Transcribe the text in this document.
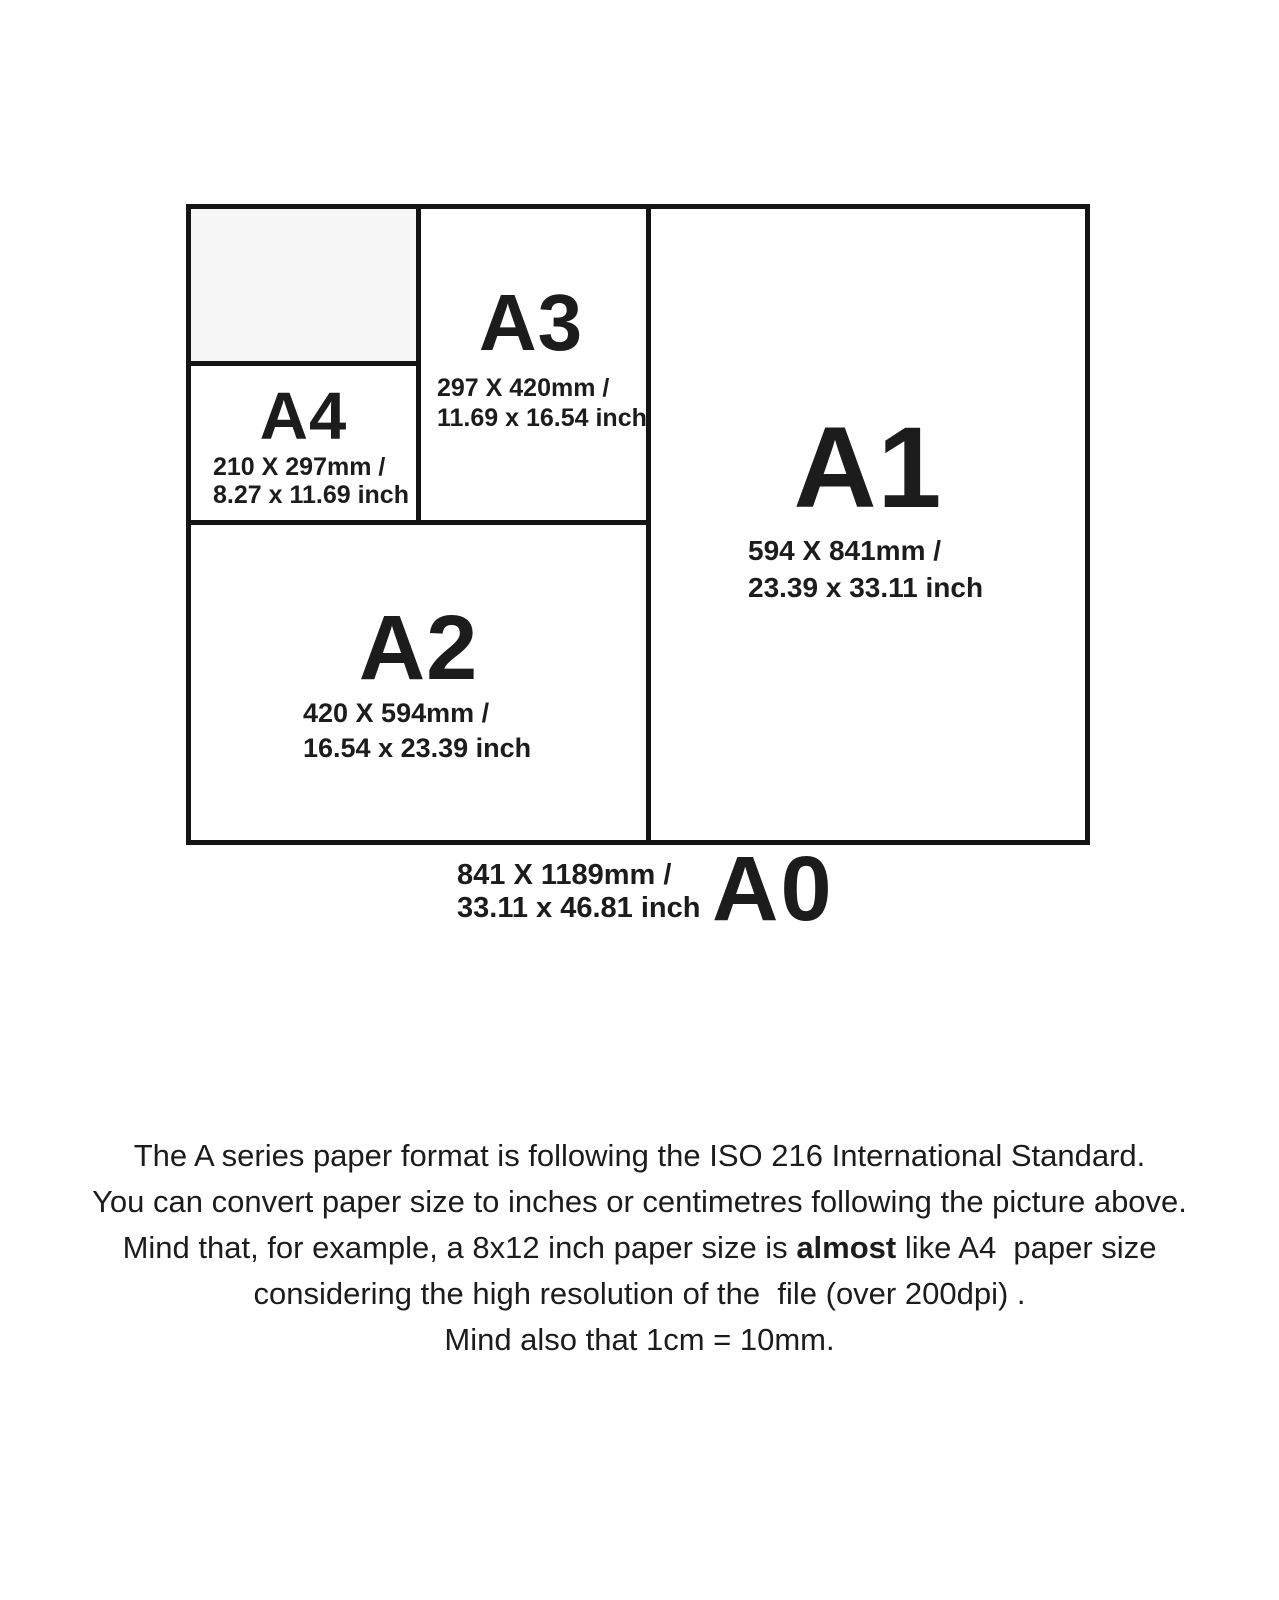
A3
297 X 420mm /
11.69 x 16.54 inch
A4
210 X 297mm /
8.27 x 11.69 inch
A2
420 X 594mm /
16.54 x 23.39 inch
A1
594 X 841mm /
23.39 x 33.11 inch
841 X 1189mm /
33.11 x 46.81 inch A0
The A series paper format is following the ISO 216 International Standard.
You can convert paper size to inches or centimetres following the picture above.
Mind that, for example, a 8x12 inch paper size is almost like A4  paper size
considering the high resolution of the  file (over 200dpi) .
Mind also that 1cm = 10mm.
